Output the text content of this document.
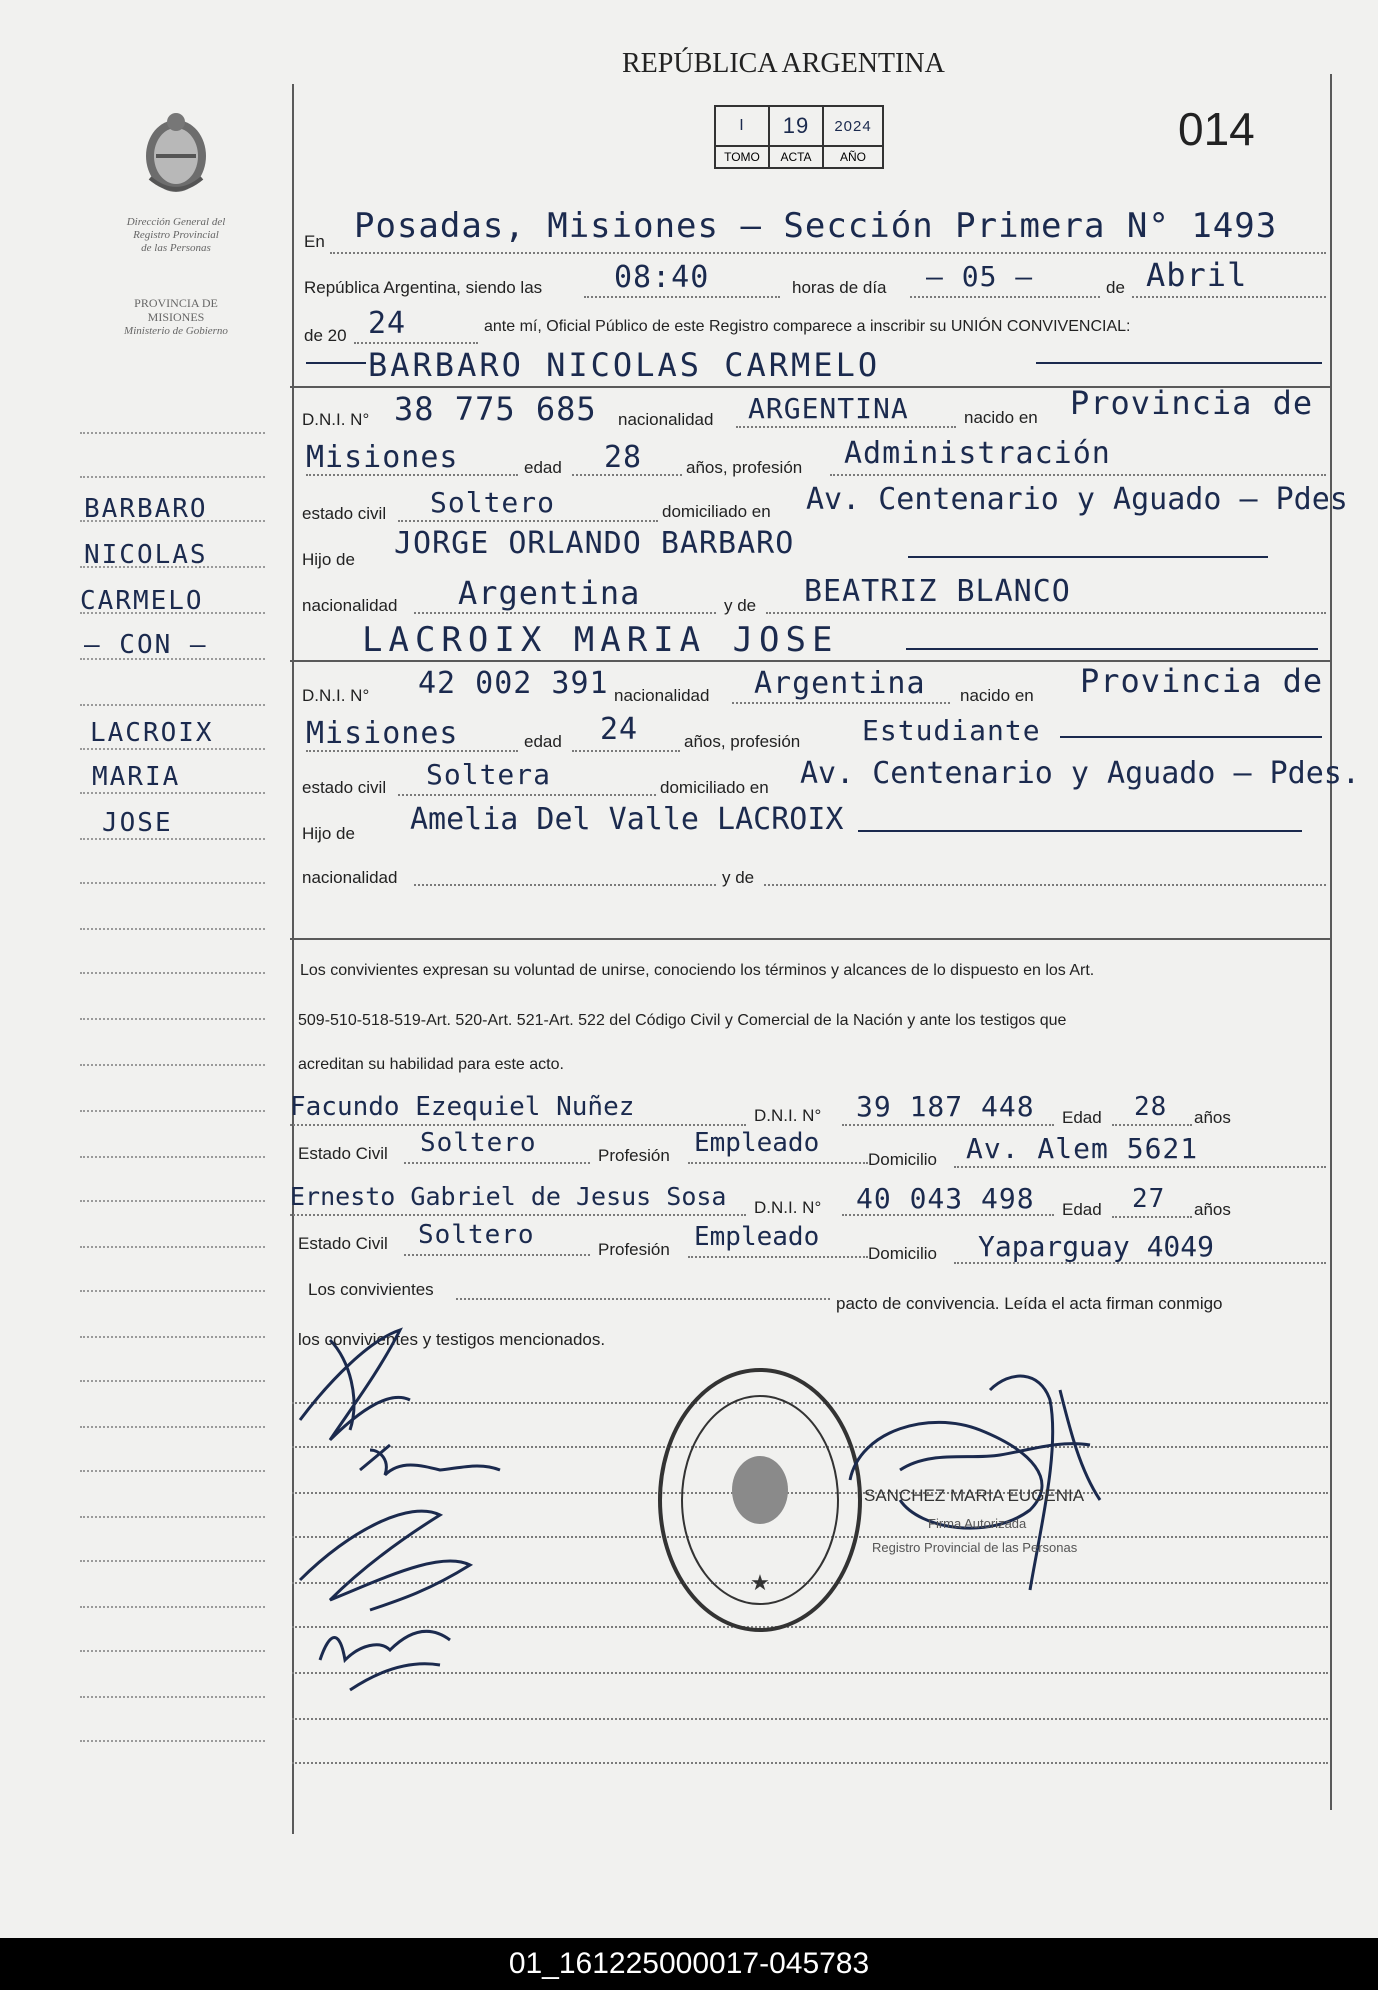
REPÚBLICA ARGENTINA
014
I	19	2024
TOMO	ACTA	AÑO
Dirección General del
Registro Provincial
de las Personas
PROVINCIA DE
MISIONES
Ministerio de Gobierno
BARBARO
NICOLAS
CARMELO
– CON –
LACROIX
MARIA
JOSE
En Posadas, Misiones – Sección Primera N° 1493
República Argentina, siendo las 08:40	horas de día – 05 –	de Abril
de 20 24	ante mí, Oficial Público de este Registro comparece a inscribir su UNIÓN CONVIVENCIAL:
BARBARO NICOLAS CARMELO
D.N.I. N° 38 775 685 nacionalidad ARGENTINA	nacido en Provincia de
Misiones	edad 28	años, profesión Administración
estado civil Soltero	domiciliado en Av. Centenario y Aguado – Pdes
Hijo de JORGE ORLANDO BARBARO
nacionalidad Argentina	y de BEATRIZ BLANCO
LACROIX MARIA JOSE
D.N.I. N° 42 002 391 nacionalidad Argentina nacido en Provincia de
Misiones	edad 24	años, profesión Estudiante
estado civil Soltera	domiciliado en Av. Centenario y Aguado – Pdes.
Hijo de Amelia Del Valle LACROIX
nacionalidad	y de
Los convivientes expresan su voluntad de unirse, conociendo los términos y alcances de lo dispuesto en los Art.
509-510-518-519-Art. 520-Art. 521-Art. 522 del Código Civil y Comercial de la Nación y ante los testigos que
acreditan su habilidad para este acto.
Facundo Ezequiel Nuñez	D.N.I. N° 39 187 448 Edad 28 años
Estado Civil Soltero	Profesión Empleado
Domicilio Av. Alem 5621
Ernesto Gabriel de Jesus Sosa D.N.I. N° 40 043 498 Edad 27 años
Estado Civil Soltero	Profesión Empleado
Domicilio Yaparguay 4049
Los convivientes
pacto de convivencia. Leída el acta firman conmigo
los convivientes y testigos mencionados.
★
SANCHEZ MARIA EUGENIA
Firma Autorizada
Registro Provincial de las Personas
01_161225000017-045783
